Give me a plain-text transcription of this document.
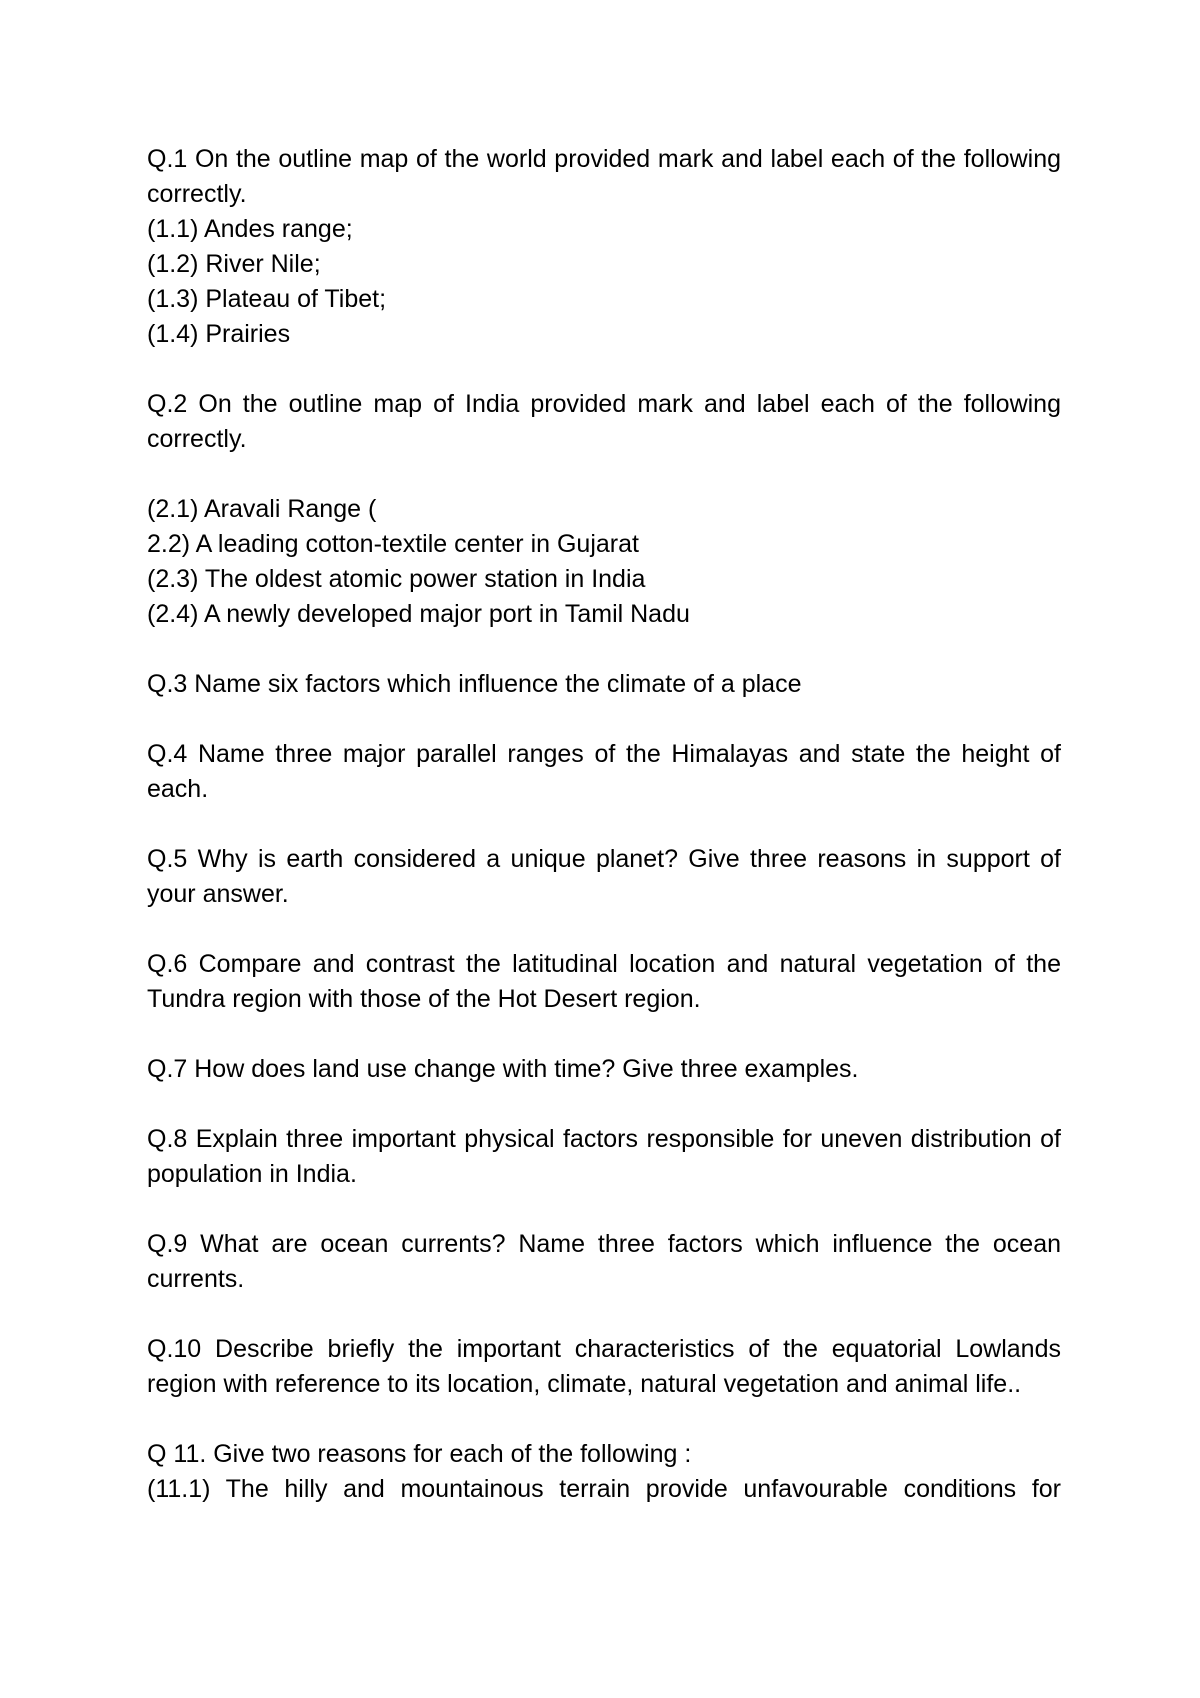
Q.1 On the outline map of the world provided mark and label each of the following correctly.
(1.1) Andes range;
(1.2) River Nile;
(1.3) Plateau of Tibet;
(1.4) Prairies
Q.2 On the outline map of India provided mark and label each of the following correctly.
(2.1) Aravali Range (
2.2) A leading cotton-textile center in Gujarat
(2.3) The oldest atomic power station in India
(2.4) A newly developed major port in Tamil Nadu
Q.3 Name six factors which influence the climate of a place
Q.4 Name three major parallel ranges of the Himalayas and state the height of each.
Q.5 Why is earth considered a unique planet? Give three reasons in support of your answer.
Q.6 Compare and contrast the latitudinal location and natural vegetation of the Tundra region with those of the Hot Desert region.
Q.7 How does land use change with time? Give three examples.
Q.8 Explain three important physical factors responsible for uneven distribution of population in India.
Q.9 What are ocean currents? Name three factors which influence the ocean currents.
Q.10 Describe briefly the important characteristics of the equatorial Lowlands region with reference to its location, climate, natural vegetation and animal life..
Q 11. Give two reasons for each of the following :
(11.1) The hilly and mountainous terrain provide unfavourable conditions for
